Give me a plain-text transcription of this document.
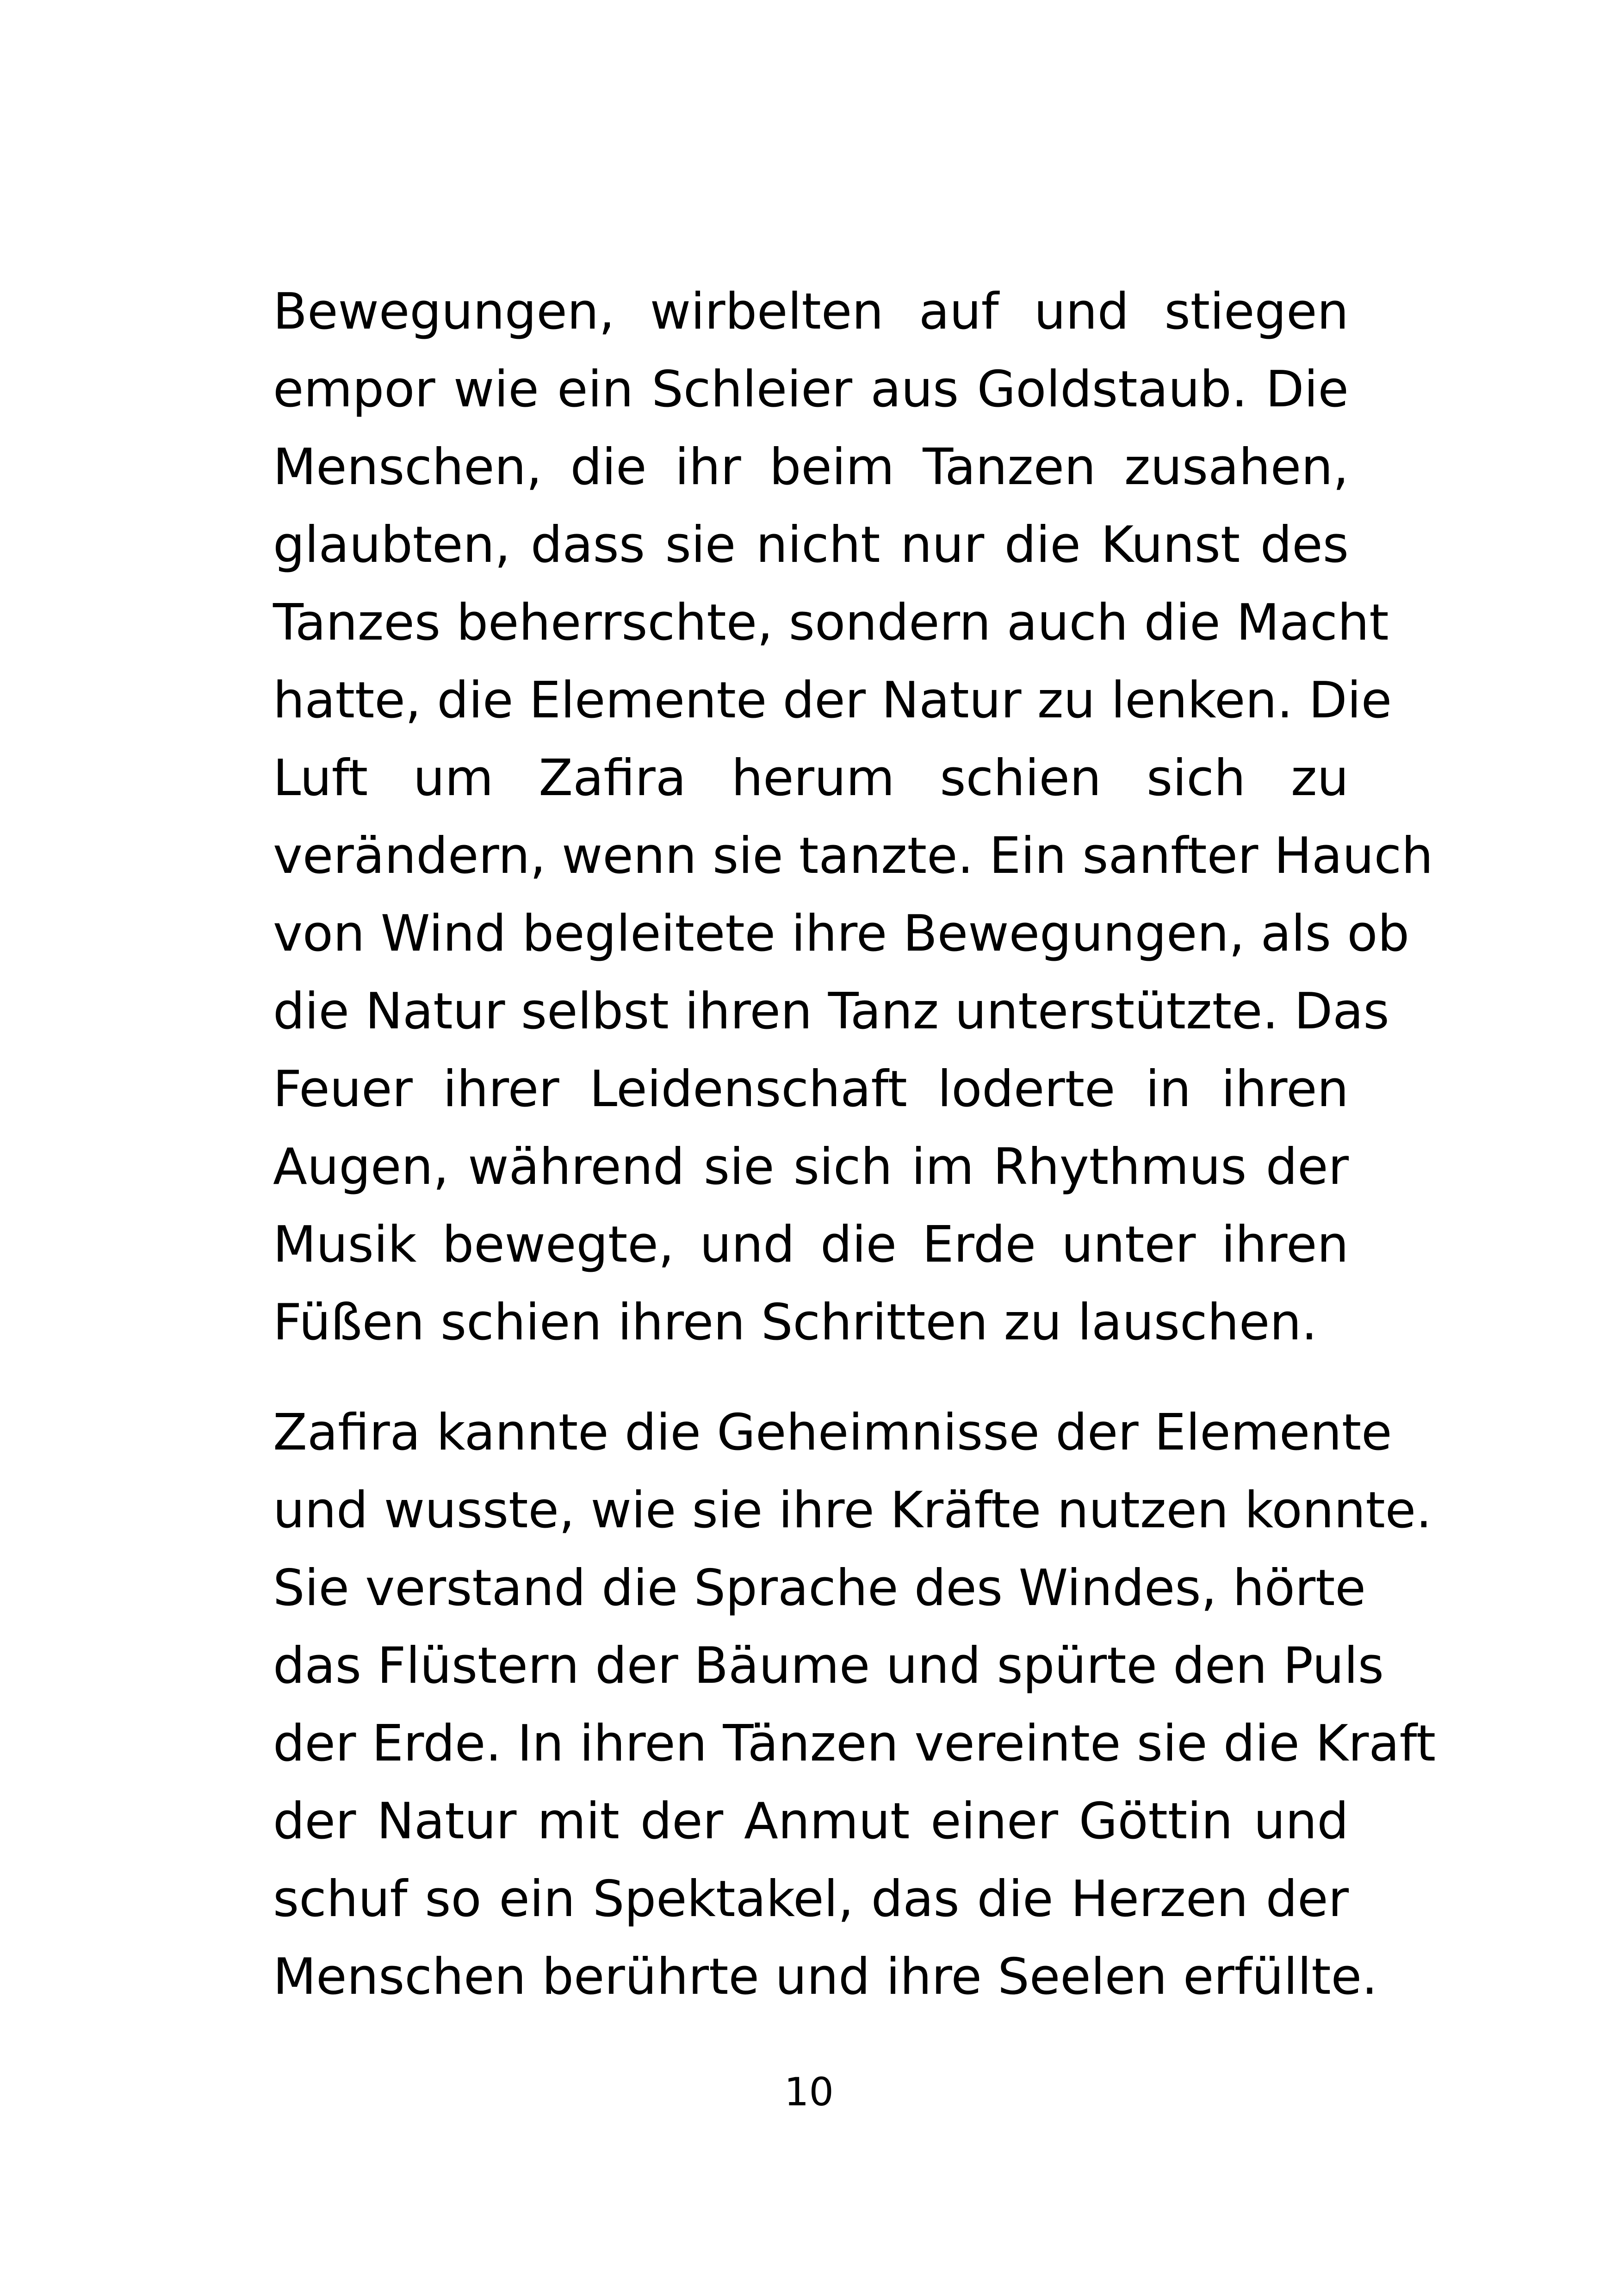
Bewegungen, wirbelten auf und stiegen
empor wie ein Schleier aus Goldstaub. Die
Menschen, die ihr beim Tanzen zusahen,
glaubten, dass sie nicht nur die Kunst des
Tanzes beherrschte, sondern auch die Macht
hatte, die Elemente der Natur zu lenken. Die
Luft um Zafira herum schien sich zu
verändern, wenn sie tanzte. Ein sanfter Hauch
von Wind begleitete ihre Bewegungen, als ob
die Natur selbst ihren Tanz unterstützte. Das
Feuer ihrer Leidenschaft loderte in ihren
Augen, während sie sich im Rhythmus der
Musik bewegte, und die Erde unter ihren
Füßen schien ihren Schritten zu lauschen.
Zafira kannte die Geheimnisse der Elemente
und wusste, wie sie ihre Kräfte nutzen konnte.
Sie verstand die Sprache des Windes, hörte
das Flüstern der Bäume und spürte den Puls
der Erde. In ihren Tänzen vereinte sie die Kraft
der Natur mit der Anmut einer Göttin und
schuf so ein Spektakel, das die Herzen der
Menschen berührte und ihre Seelen erfüllte.
10
